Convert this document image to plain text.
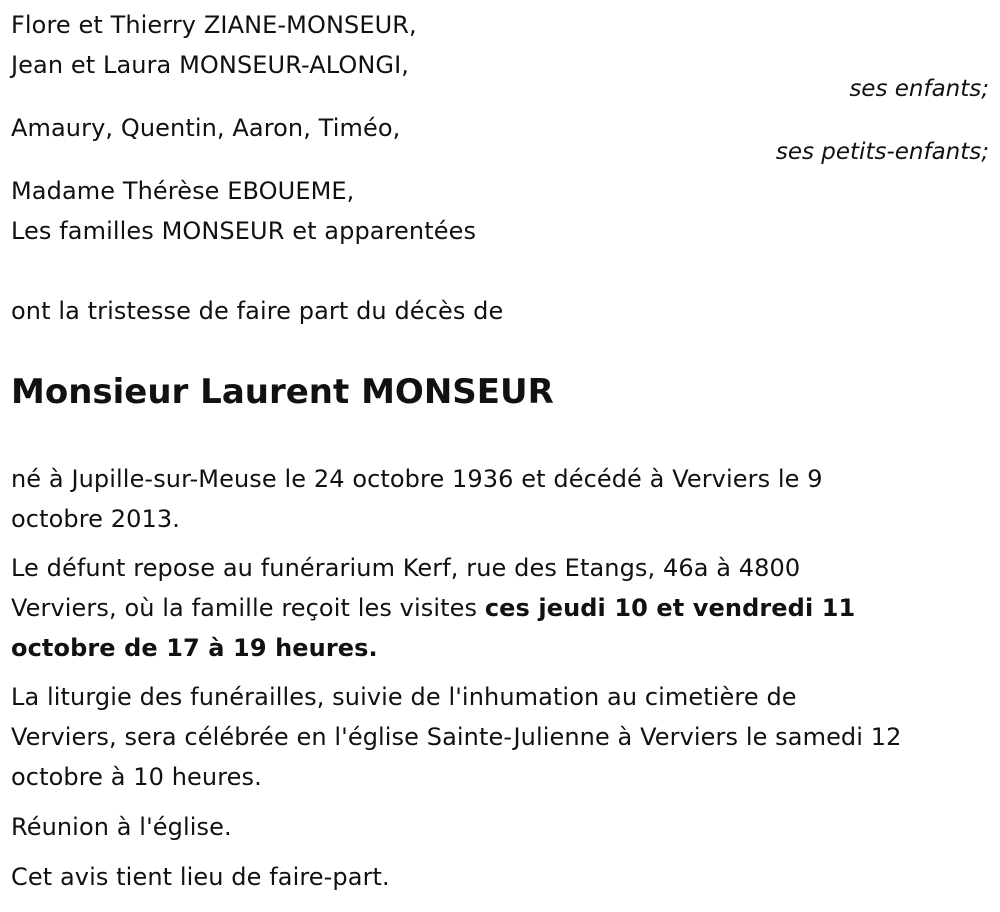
Flore et Thierry ZIANE-MONSEUR,
Jean et Laura MONSEUR-ALONGI,
ses enfants;
Amaury, Quentin, Aaron, Timéo,
ses petits-enfants;
Madame Thérèse EBOUEME,
Les familles MONSEUR et apparentées
ont la tristesse de faire part du décès de
Monsieur Laurent MONSEUR
né à Jupille-sur-Meuse le 24 octobre 1936 et décédé à Verviers le 9
octobre 2013.
Le défunt repose au funérarium Kerf, rue des Etangs, 46a à 4800
Verviers, où la famille reçoit les visites ces jeudi 10 et vendredi 11
octobre de 17 à 19 heures.
La liturgie des funérailles, suivie de l'inhumation au cimetière de
Verviers, sera célébrée en l'église Sainte-Julienne à Verviers le samedi 12
octobre à 10 heures.
Réunion à l'église.
Cet avis tient lieu de faire-part.
